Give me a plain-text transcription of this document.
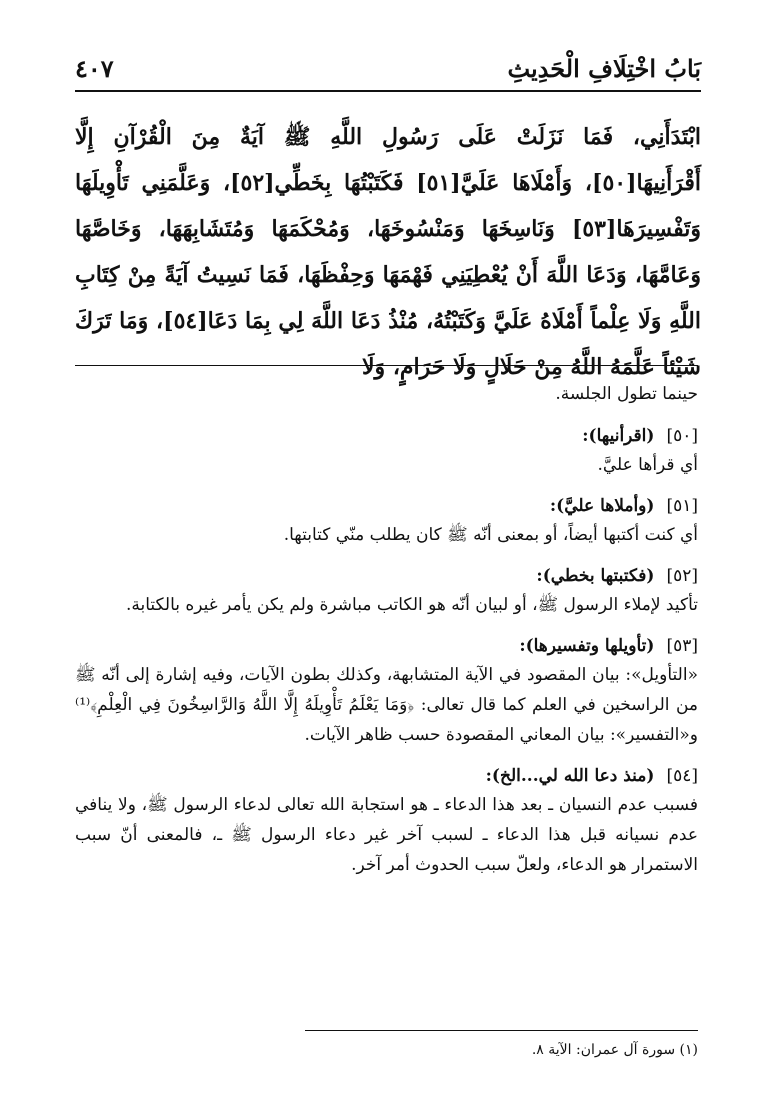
بَابُ اخْتِلَافِ الْحَدِيثِ
٤٠٧
ابْتَدَأَنِي، فَمَا نَزَلَتْ عَلَى رَسُولِ اللَّهِ ﷺ آيَةٌ مِنَ الْقُرْآنِ إِلَّا أَقْرَأَنِيهَا[٥٠]، وَأَمْلَاهَا عَلَيَّ[٥١] فَكَتَبْتُهَا بِخَطِّي[٥٢]، وَعَلَّمَنِي تَأْوِيلَهَا وَتَفْسِيرَهَا[٥٣] وَنَاسِخَهَا وَمَنْسُوخَهَا، وَمُحْكَمَهَا وَمُتَشَابِهَهَا، وَخَاصَّهَا وَعَامَّهَا، وَدَعَا اللَّهَ أَنْ يُعْطِيَنِي فَهْمَهَا وَحِفْظَهَا، فَمَا نَسِيتُ آيَةً مِنْ كِتَابِ اللَّهِ وَلَا عِلْماً أَمْلَاهُ عَلَيَّ وَكَتَبْتُهُ، مُنْذُ دَعَا اللَّهَ لِي بِمَا دَعَا[٥٤]، وَمَا تَرَكَ شَيْئاً عَلَّمَهُ اللَّهُ مِنْ حَلَالٍ وَلَا حَرَامٍ، وَلَا

حينما تطول الجلسة.

[٥٠]
(اقرأنيها):
أي قرأها عليَّ.
[٥١]
(وأملاها عليَّ):
أي كنت أكتبها أيضاً، أو بمعنى أنّه ﷺ كان يطلب منّي كتابتها.
[٥٢]
(فكتبتها بخطي):
تأكيد لإملاء الرسول ﷺ، أو لبيان أنّه هو الكاتب مباشرة ولم يكن يأمر غيره بالكتابة.
[٥٣]
(تأويلها وتفسيرها):
«التأويل»: بيان المقصود في الآية المتشابهة، وكذلك بطون الآيات، وفيه إشارة إلى أنّه ﷺ من الراسخين في العلم كما قال تعالى: ﴿وَمَا يَعْلَمُ تَأْوِيلَهُ إِلَّا اللَّهُ وَالرَّاسِخُونَ فِي الْعِلْمِ﴾⁽¹⁾ و«التفسير»: بيان المعاني المقصودة حسب ظاهر الآيات.
[٥٤]
(منذ دعا الله لي...الخ):
فسبب عدم النسيان ـ بعد هذا الدعاء ـ هو استجابة الله تعالى لدعاء الرسول ﷺ، ولا ينافي عدم نسيانه قبل هذا الدعاء ـ لسبب آخر غير دعاء الرسول ﷺ ـ، فالمعنى أنّ سبب الاستمرار هو الدعاء، ولعلّ سبب الحدوث أمر آخر.
(١) سورة آل عمران: الآية ٨.
